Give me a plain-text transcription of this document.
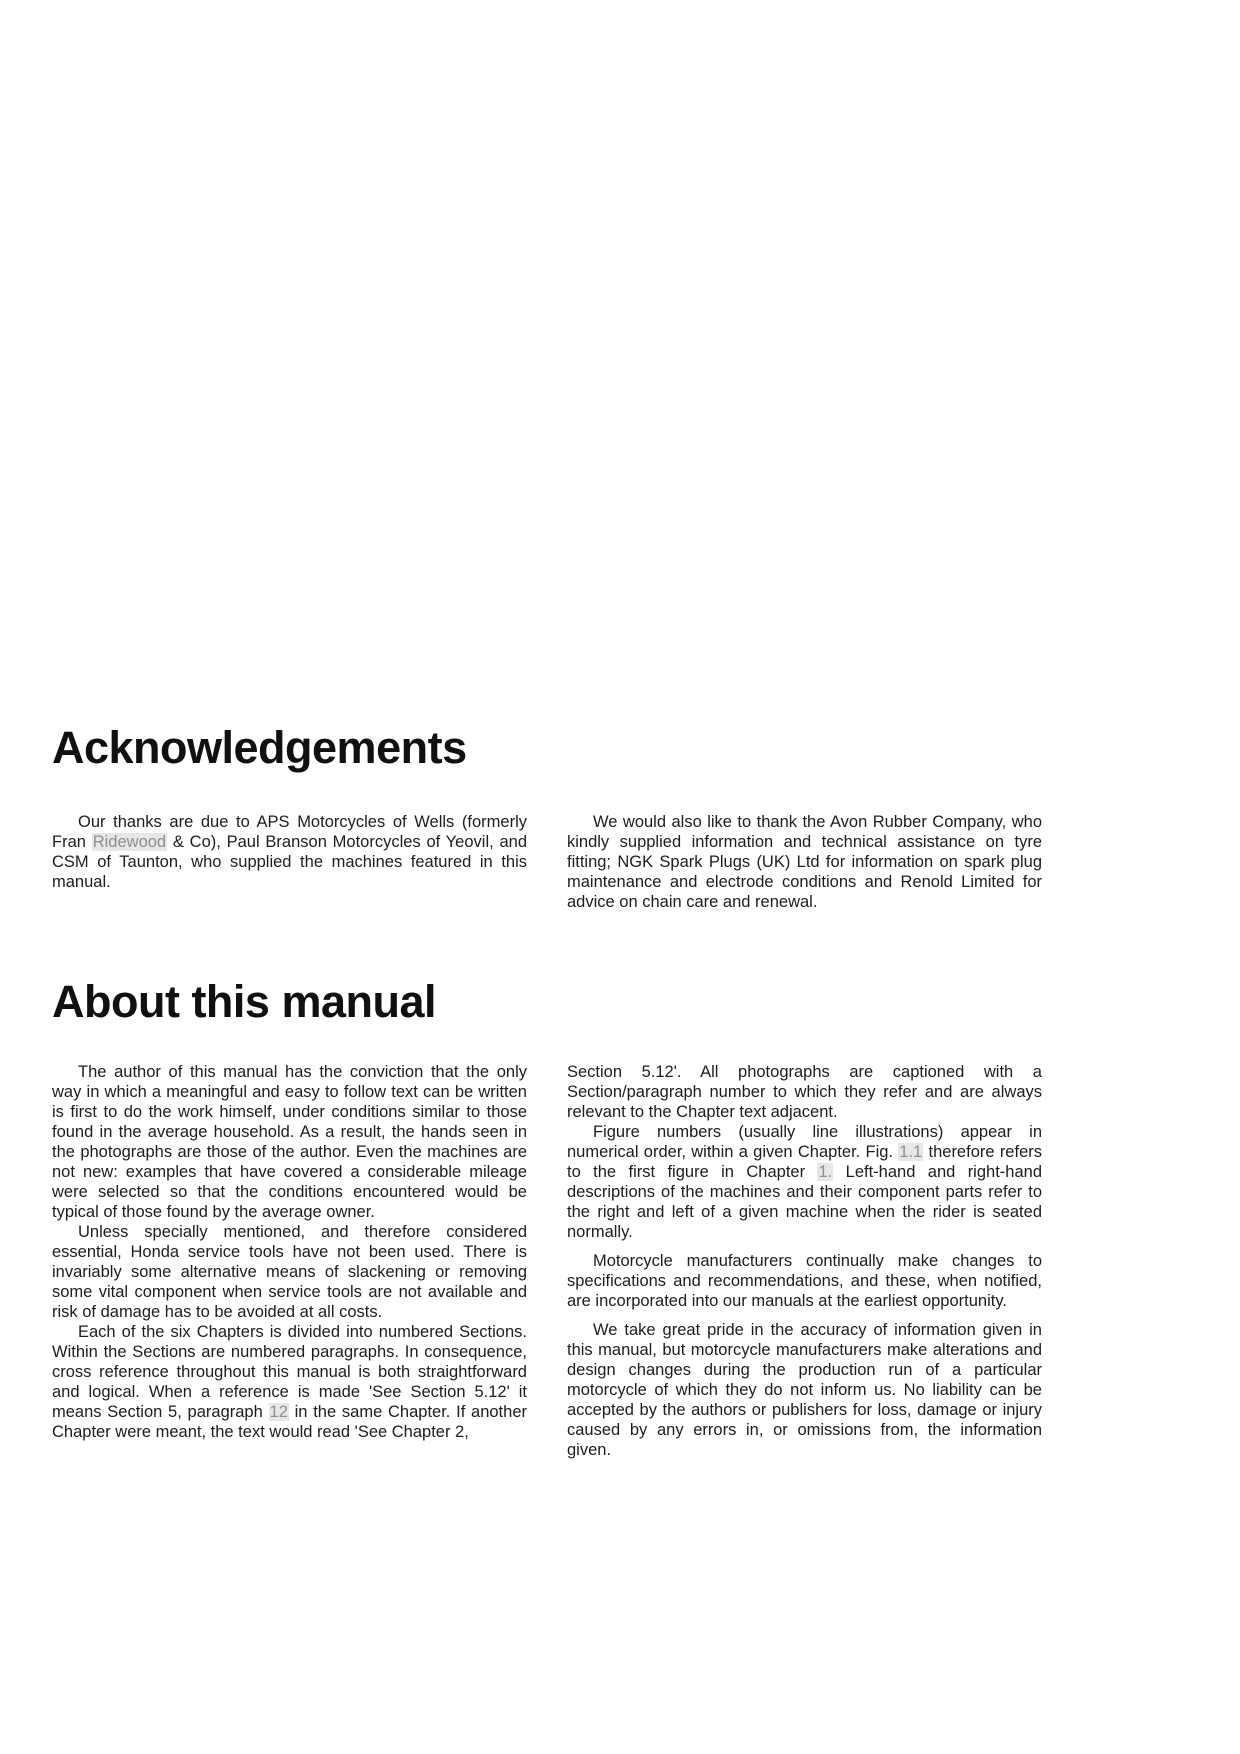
Acknowledgements

Our thanks are due to APS Motorcycles of Wells (formerly Fran Ridewood & Co), Paul Branson Motorcycles of Yeovil, and CSM of Taunton, who supplied the machines featured in this manual.

We would also like to thank the Avon Rubber Company, who kindly supplied information and technical assistance on tyre fitting; NGK Spark Plugs (UK) Ltd for information on spark plug maintenance and electrode conditions and Renold Limited for advice on chain care and renewal.

About this manual

The author of this manual has the conviction that the only way in which a meaningful and easy to follow text can be written is first to do the work himself, under conditions similar to those found in the average household. As a result, the hands seen in the photographs are those of the author. Even the machines are not new: examples that have covered a considerable mileage were selected so that the conditions encountered would be typical of those found by the average owner.

Unless specially mentioned, and therefore considered essential, Honda service tools have not been used. There is invariably some alternative means of slackening or removing some vital component when service tools are not available and risk of damage has to be avoided at all costs.

Each of the six Chapters is divided into numbered Sections. Within the Sections are numbered paragraphs. In consequence, cross reference throughout this manual is both straightforward and logical. When a reference is made 'See Section 5.12' it means Section 5, paragraph 12 in the same Chapter. If another Chapter were meant, the text would read 'See Chapter 2,

Section 5.12'. All photographs are captioned with a Section/paragraph number to which they refer and are always relevant to the Chapter text adjacent.

Figure numbers (usually line illustrations) appear in numerical order, within a given Chapter. Fig. 1.1 therefore refers to the first figure in Chapter 1. Left-hand and right-hand descriptions of the machines and their component parts refer to the right and left of a given machine when the rider is seated normally.

Motorcycle manufacturers continually make changes to specifications and recommendations, and these, when notified, are incorporated into our manuals at the earliest opportunity.

We take great pride in the accuracy of information given in this manual, but motorcycle manufacturers make alterations and design changes during the production run of a particular motorcycle of which they do not inform us. No liability can be accepted by the authors or publishers for loss, damage or injury caused by any errors in, or omissions from, the information given.
